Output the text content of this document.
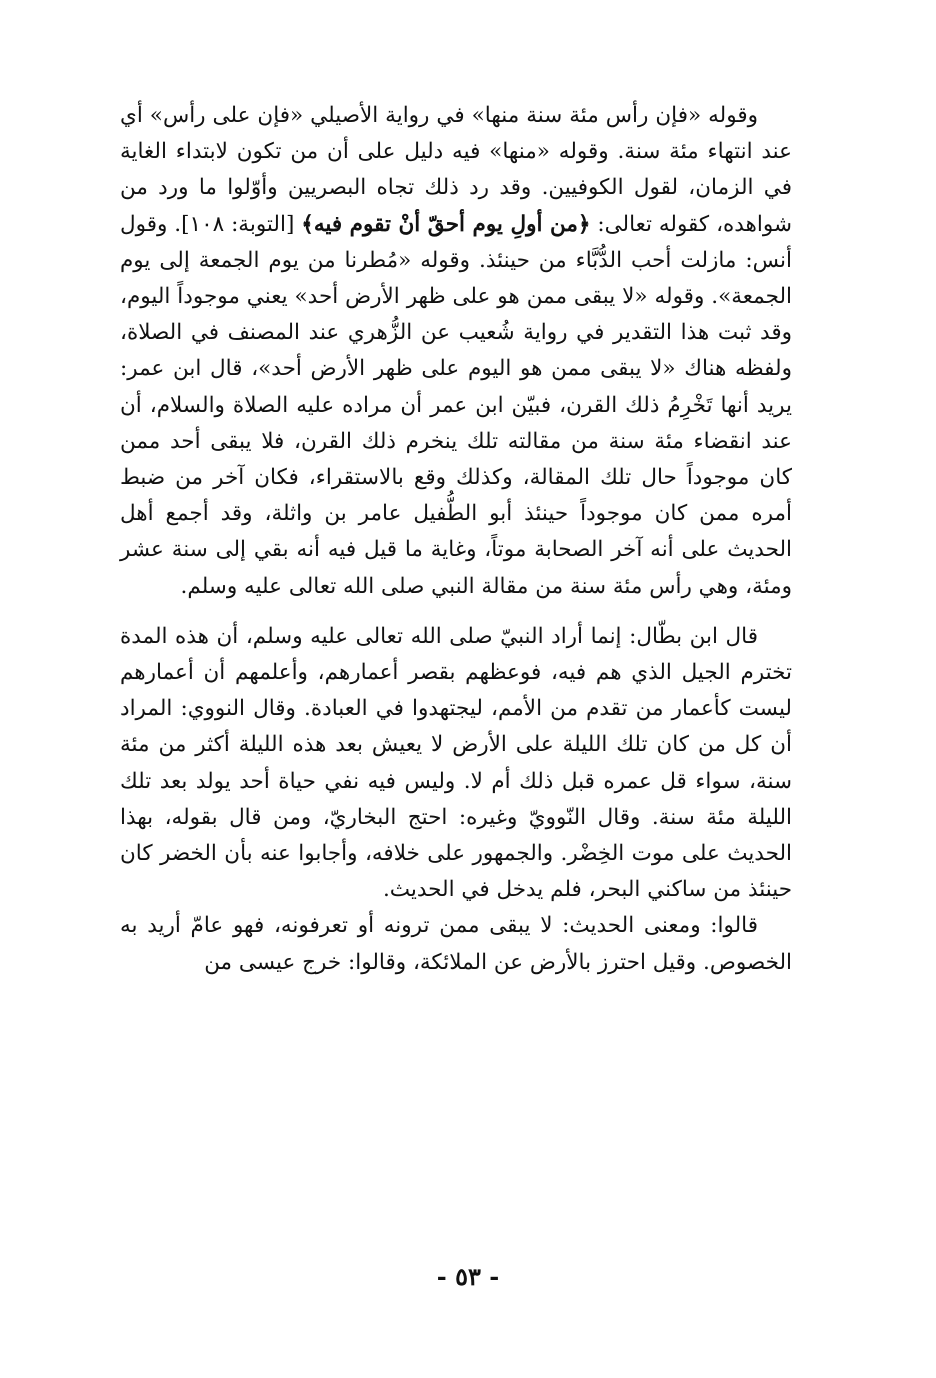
وقوله «فإن رأس مئة سنة منها» في رواية الأصيلي «فإن على رأس» أي عند انتهاء مئة سنة. وقوله «منها» فيه دليل على أن من تكون لابتداء الغاية في الزمان، لقول الكوفيين. وقد رد ذلك تجاه البصريين وأوّلوا ما ورد من شواهده، كقوله تعالى: ﴿من أولِ يوم أحقّ أنْ تقوم فيه﴾ [التوبة: ١٠٨]. وقول أنس: مازلت أحب الدُّبَّاء من حينئذ. وقوله «مُطرنا من يوم الجمعة إلى يوم الجمعة». وقوله «لا يبقى ممن هو على ظهر الأرض أحد» يعني موجوداً اليوم، وقد ثبت هذا التقدير في رواية شُعيب عن الزُّهري عند المصنف في الصلاة، ولفظه هناك «لا يبقى ممن هو اليوم على ظهر الأرض أحد»، قال ابن عمر: يريد أنها تَخْرِمُ ذلك القرن، فبيّن ابن عمر أن مراده عليه الصلاة والسلام، أن عند انقضاء مئة سنة من مقالته تلك ينخرم ذلك القرن، فلا يبقى أحد ممن كان موجوداً حال تلك المقالة، وكذلك وقع بالاستقراء، فكان آخر من ضبط أمره ممن كان موجوداً حينئذ أبو الطُّفيل عامر بن واثلة، وقد أجمع أهل الحديث على أنه آخر الصحابة موتاً، وغاية ما قيل فيه أنه بقي إلى سنة عشر ومئة، وهي رأس مئة سنة من مقالة النبي صلى الله تعالى عليه وسلم.

قال ابن بطّال: إنما أراد النبيّ صلى الله تعالى عليه وسلم، أن هذه المدة تخترم الجيل الذي هم فيه، فوعظهم بقصر أعمارهم، وأعلمهم أن أعمارهم ليست كأعمار من تقدم من الأمم، ليجتهدوا في العبادة. وقال النووي: المراد أن كل من كان تلك الليلة على الأرض لا يعيش بعد هذه الليلة أكثر من مئة سنة، سواء قل عمره قبل ذلك أم لا. وليس فيه نفي حياة أحد يولد بعد تلك الليلة مئة سنة. وقال النّوويّ وغيره: احتج البخاريّ، ومن قال بقوله، بهذا الحديث على موت الخِضْر. والجمهور على خلافه، وأجابوا عنه بأن الخضر كان حينئذ من ساكني البحر، فلم يدخل في الحديث.

قالوا: ومعنى الحديث: لا يبقى ممن ترونه أو تعرفونه، فهو عامّ أريد به الخصوص. وقيل احترز بالأرض عن الملائكة، وقالوا: خرج عيسى من

- ٥٣ -
